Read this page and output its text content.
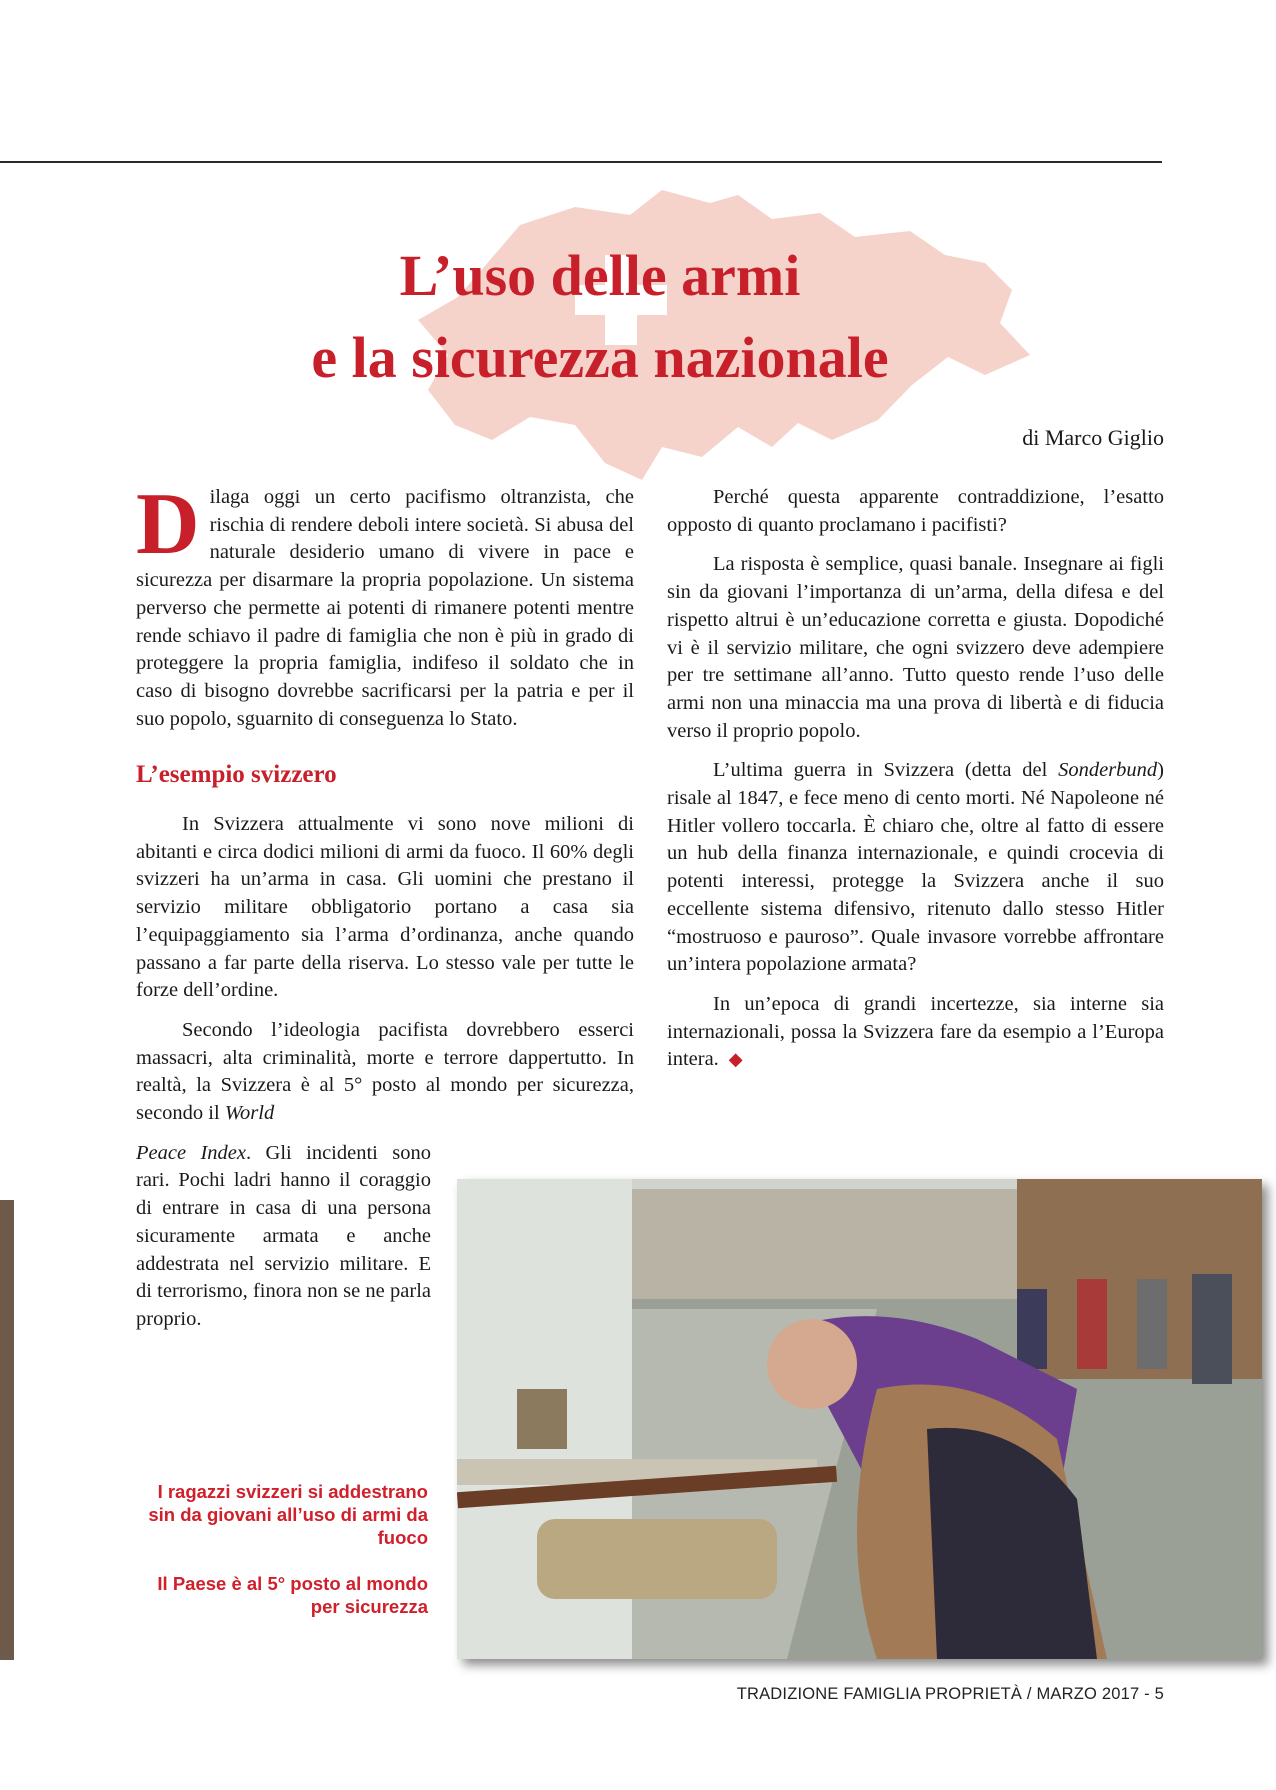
L’uso delle armi
e la sicurezza nazionale
di Marco Giglio

Dilaga oggi un certo pacifismo oltranzista, che rischia di rendere deboli intere società. Si abusa del naturale desiderio umano di vivere in pace e sicurezza per disarmare la propria popolazione. Un sistema perverso che permette ai potenti di rimanere potenti mentre rende schiavo il padre di famiglia che non è più in grado di proteggere la propria famiglia, indifeso il soldato che in caso di bisogno dovrebbe sacrificarsi per la patria e per il suo popolo, sguarnito di conseguenza lo Stato.

L’esempio svizzero

In Svizzera attualmente vi sono nove milioni di abitanti e circa dodici milioni di armi da fuoco. Il 60% degli svizzeri ha un’arma in casa. Gli uomini che prestano il servizio militare obbligatorio portano a casa sia l’equipaggiamento sia l’arma d’ordinanza, anche quando passano a far parte della riserva. Lo stesso vale per tutte le forze dell’ordine.

Secondo l’ideologia pacifista dovrebbero esserci massacri, alta criminalità, morte e terrore dappertutto. In realtà, la Svizzera è al 5° posto al mondo per sicurezza, secondo il World

Peace Index. Gli incidenti sono rari. Pochi ladri hanno il coraggio di entrare in casa di una persona sicuramente armata e anche addestrata nel servizio militare. E di terrorismo, finora non se ne parla proprio.

Perché questa apparente contraddizione, l’esatto opposto di quanto proclamano i pacifisti?

La risposta è semplice, quasi banale. Insegnare ai figli sin da giovani l’importanza di un’arma, della difesa e del rispetto altrui è un’educazione corretta e giusta. Dopodiché vi è il servizio militare, che ogni svizzero deve adempiere per tre settimane all’anno. Tutto questo rende l’uso delle armi non una minaccia ma una prova di libertà e di fiducia verso il proprio popolo.

L’ultima guerra in Svizzera (detta del Sonderbund) risale al 1847, e fece meno di cento morti. Né Napoleone né Hitler vollero toccarla. È chiaro che, oltre al fatto di essere un hub della finanza internazionale, e quindi crocevia di potenti interessi, protegge la Svizzera anche il suo eccellente sistema difensivo, ritenuto dallo stesso Hitler “mostruoso e pauroso”. Quale invasore vorrebbe affrontare un’intera popolazione armata?

In un’epoca di grandi incertezze, sia interne sia internazionali, possa la Svizzera fare da esempio a l’Europa intera. ◆

I ragazzi svizzeri si addestrano sin da giovani all’uso di armi da fuoco
Il Paese è al 5° posto al mondo per sicurezza
TRADIZIONE FAMIGLIA PROPRIETÀ / MARZO 2017 - 5
